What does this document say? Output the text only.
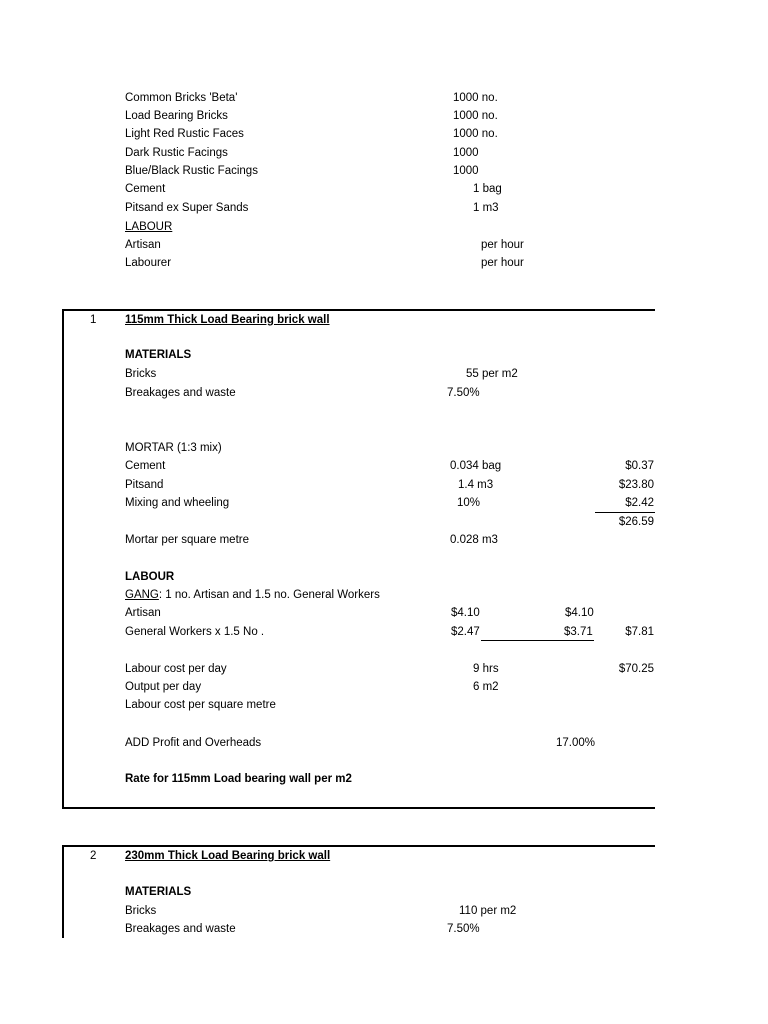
Common Bricks 'Beta'	1000 no.
Load Bearing Bricks	1000 no.
Light Red Rustic Faces	1000 no.
Dark Rustic Facings	1000
Blue/Black Rustic Facings	1000
Cement	1 bag
Pitsand ex Super Sands	1 m3
LABOUR
Artisan	per hour
Labourer	per hour
1 115mm Thick Load Bearing brick wall
MATERIALS
Bricks	55 per m2
Breakages and waste	7.50%
MORTAR (1:3 mix)
Cement	0.034 bag	$0.37
Pitsand	1.4 m3	$23.80
Mixing and wheeling	10%	$2.42
$26.59
Mortar per square metre	0.028 m3
LABOUR
GANG: 1 no. Artisan and 1.5 no. General Workers
Artisan	$4.10	$4.10
General Workers x 1.5 No .	$2.47	$3.71	$7.81
Labour cost per day	9 hrs	$70.25
Output per day	6 m2
Labour cost per square metre
ADD Profit and Overheads	17.00%
Rate for 115mm Load bearing wall per m2
2 230mm Thick Load Bearing brick wall
MATERIALS
Bricks	110 per m2
Breakages and waste	7.50%
